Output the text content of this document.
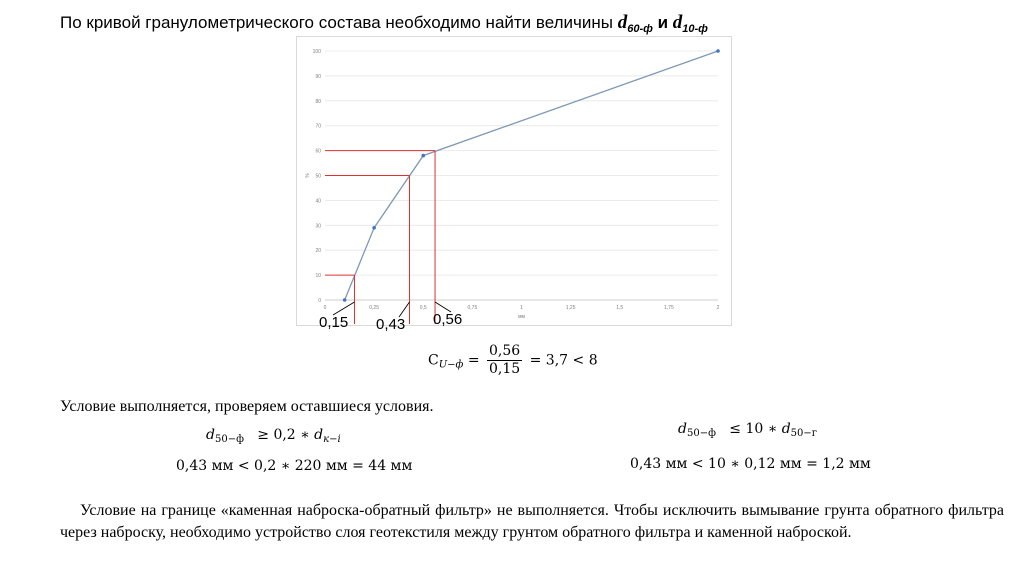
По кривой гранулометрического состава необходимо найти величины $d_{60-ф}$ и $d_{10-ф}$
0
10
20
30
40
50
60
70
80
90
100
0	0,25	0,5	0,75	1	1,25	1,5	1,75	2
%
мм
0,15 0,43 0,56
$C_{U-ф} = \frac{0,56}{0,15} = 3,7 < 8$
Условие выполняется, проверяем оставшиеся условия.
$d_{50-ф} \ge 0,2$ ∗ $d_{к-i}$
0,43 мм < 0,2 ∗ 220 мм = 44 мм
$d_{50-ф} \le 10$ ∗ $d_{50-г}$
0,43 мм < 10 ∗ 0,12 мм = 1,2 мм
Условие на границе «каменная наброска-обратный фильтр» не выполняется. Чтобы исключить вымывание грунта обратного фильтра через наброску, необходимо устройство слоя геотекстиля между грунтом обратного фильтра и каменной наброской.
